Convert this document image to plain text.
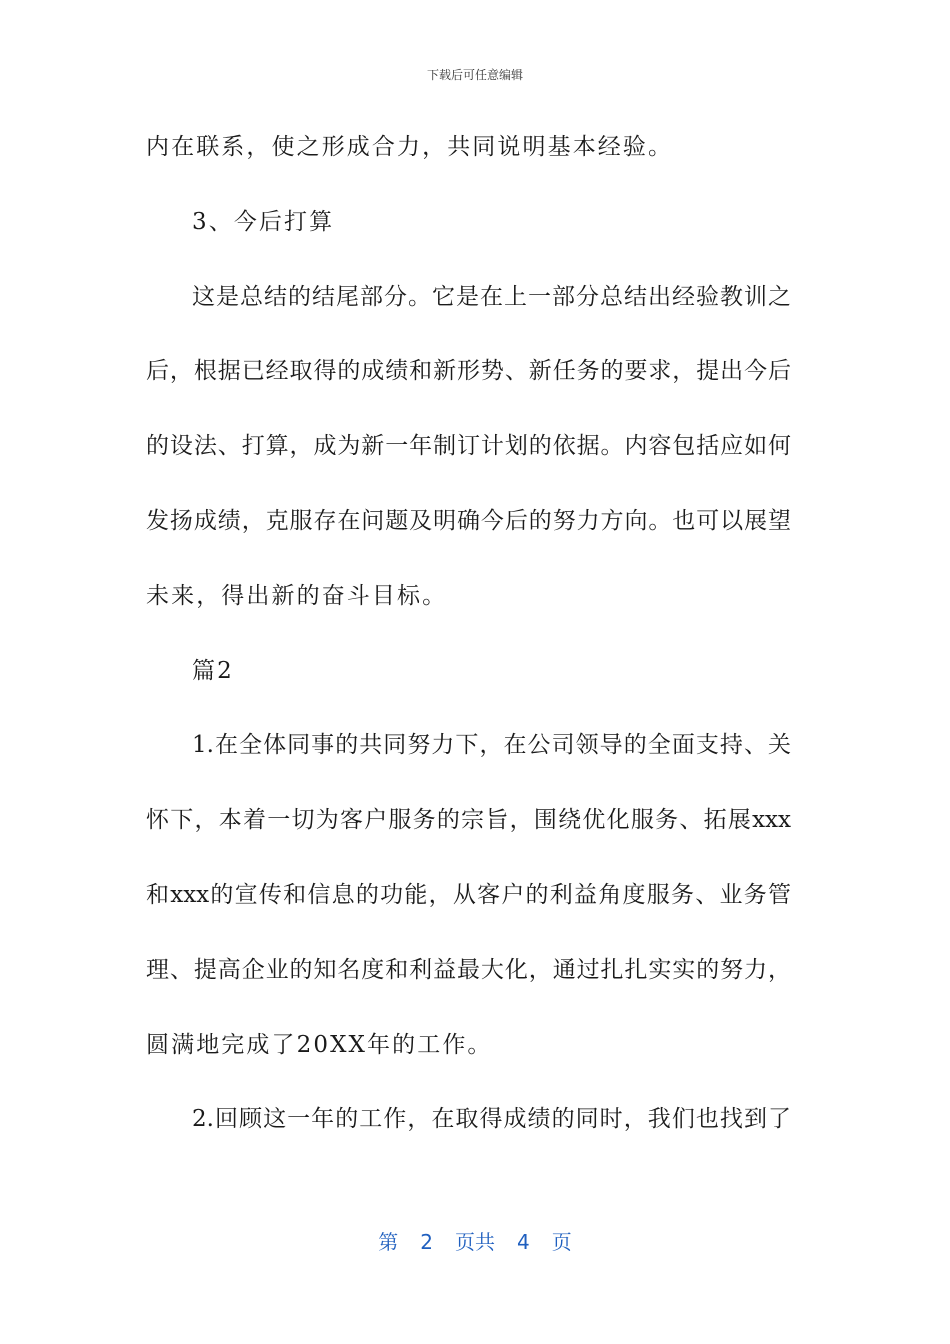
下载后可任意编辑
内在联系，使之形成合力，共同说明基本经验。
3、今后打算
这是总结的结尾部分。它是在上一部分总结出经验教训之
后，根据已经取得的成绩和新形势、新任务的要求，提出今后
的设法、打算，成为新一年制订计划的依据。内容包括应如何
发扬成绩，克服存在问题及明确今后的努力方向。也可以展望
未来，得出新的奋斗目标。
篇2
1.在全体同事的共同努力下，在公司领导的全面支持、关
怀下，本着一切为客户服务的宗旨，围绕优化服务、拓展xxx
和xxx的宣传和信息的功能，从客户的利益角度服务、业务管
理、提高企业的知名度和利益最大化，通过扎扎实实的努力，
圆满地完成了20XX年的工作。
2.回顾这一年的工作，在取得成绩的同时，我们也找到了
第 2 页共 4 页
